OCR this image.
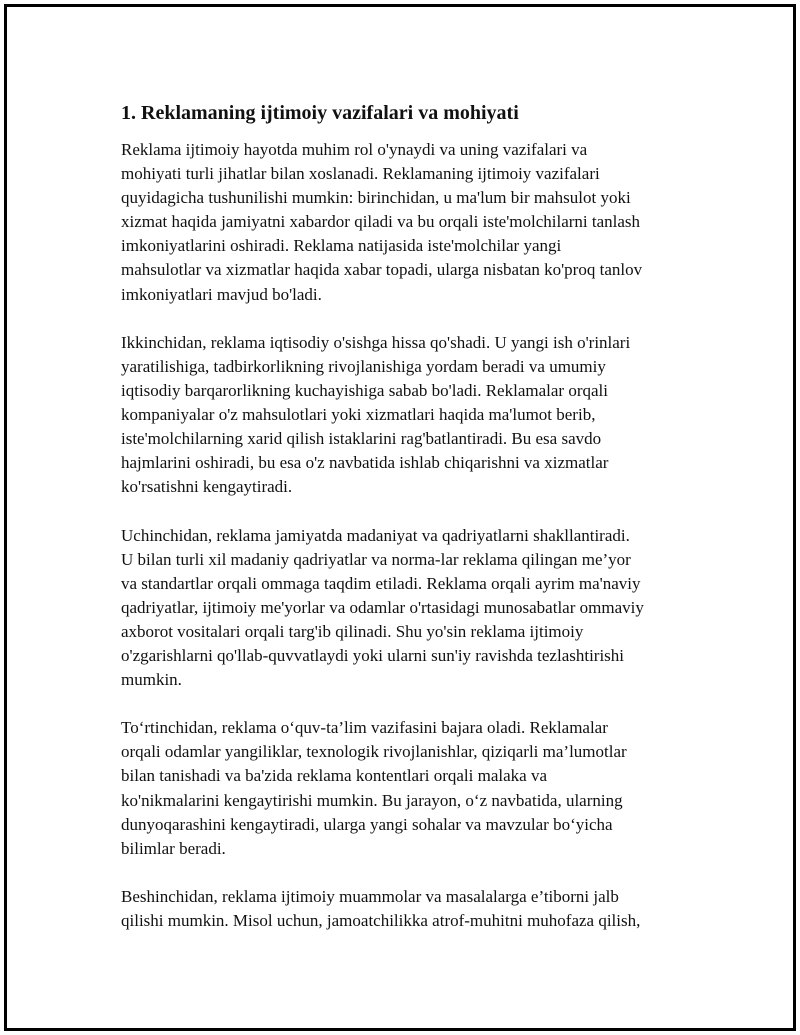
1. Reklamaning ijtimoiy vazifalari va mohiyati

Reklama ijtimoiy hayotda muhim rol o'ynaydi va uning vazifalari va
mohiyati turli jihatlar bilan xoslanadi. Reklamaning ijtimoiy vazifalari
quyidagicha tushunilishi mumkin: birinchidan, u ma'lum bir mahsulot yoki
xizmat haqida jamiyatni xabardor qiladi va bu orqali iste'molchilarni tanlash
imkoniyatlarini oshiradi. Reklama natijasida iste'molchilar yangi
mahsulotlar va xizmatlar haqida xabar topadi, ularga nisbatan ko'proq tanlov
imkoniyatlari mavjud bo'ladi.

Ikkinchidan, reklama iqtisodiy o'sishga hissa qo'shadi. U yangi ish o'rinlari
yaratilishiga, tadbirkorlikning rivojlanishiga yordam beradi va umumiy
iqtisodiy barqarorlikning kuchayishiga sabab bo'ladi. Reklamalar orqali
kompaniyalar o'z mahsulotlari yoki xizmatlari haqida ma'lumot berib,
iste'molchilarning xarid qilish istaklarini rag'batlantiradi. Bu esa savdo
hajmlarini oshiradi, bu esa o'z navbatida ishlab chiqarishni va xizmatlar
ko'rsatishni kengaytiradi.

Uchinchidan, reklama jamiyatda madaniyat va qadriyatlarni shakllantiradi.
U bilan turli xil madaniy qadriyatlar va norma-lar reklama qilingan me’yor
va standartlar orqali ommaga taqdim etiladi. Reklama orqali ayrim ma'naviy
qadriyatlar, ijtimoiy me'yorlar va odamlar o'rtasidagi munosabatlar ommaviy
axborot vositalari orqali targ'ib qilinadi. Shu yo'sin reklama ijtimoiy
o'zgarishlarni qo'llab-quvvatlaydi yoki ularni sun'iy ravishda tezlashtirishi
mumkin.

To‘rtinchidan, reklama o‘quv-ta’lim vazifasini bajara oladi. Reklamalar
orqali odamlar yangiliklar, texnologik rivojlanishlar, qiziqarli ma’lumotlar
bilan tanishadi va ba'zida reklama kontentlari orqali malaka va
ko'nikmalarini kengaytirishi mumkin. Bu jarayon, o‘z navbatida, ularning
dunyoqarashini kengaytiradi, ularga yangi sohalar va mavzular bo‘yicha
bilimlar beradi.

Beshinchidan, reklama ijtimoiy muammolar va masalalarga e’tiborni jalb
qilishi mumkin. Misol uchun, jamoatchilikka atrof-muhitni muhofaza qilish,
